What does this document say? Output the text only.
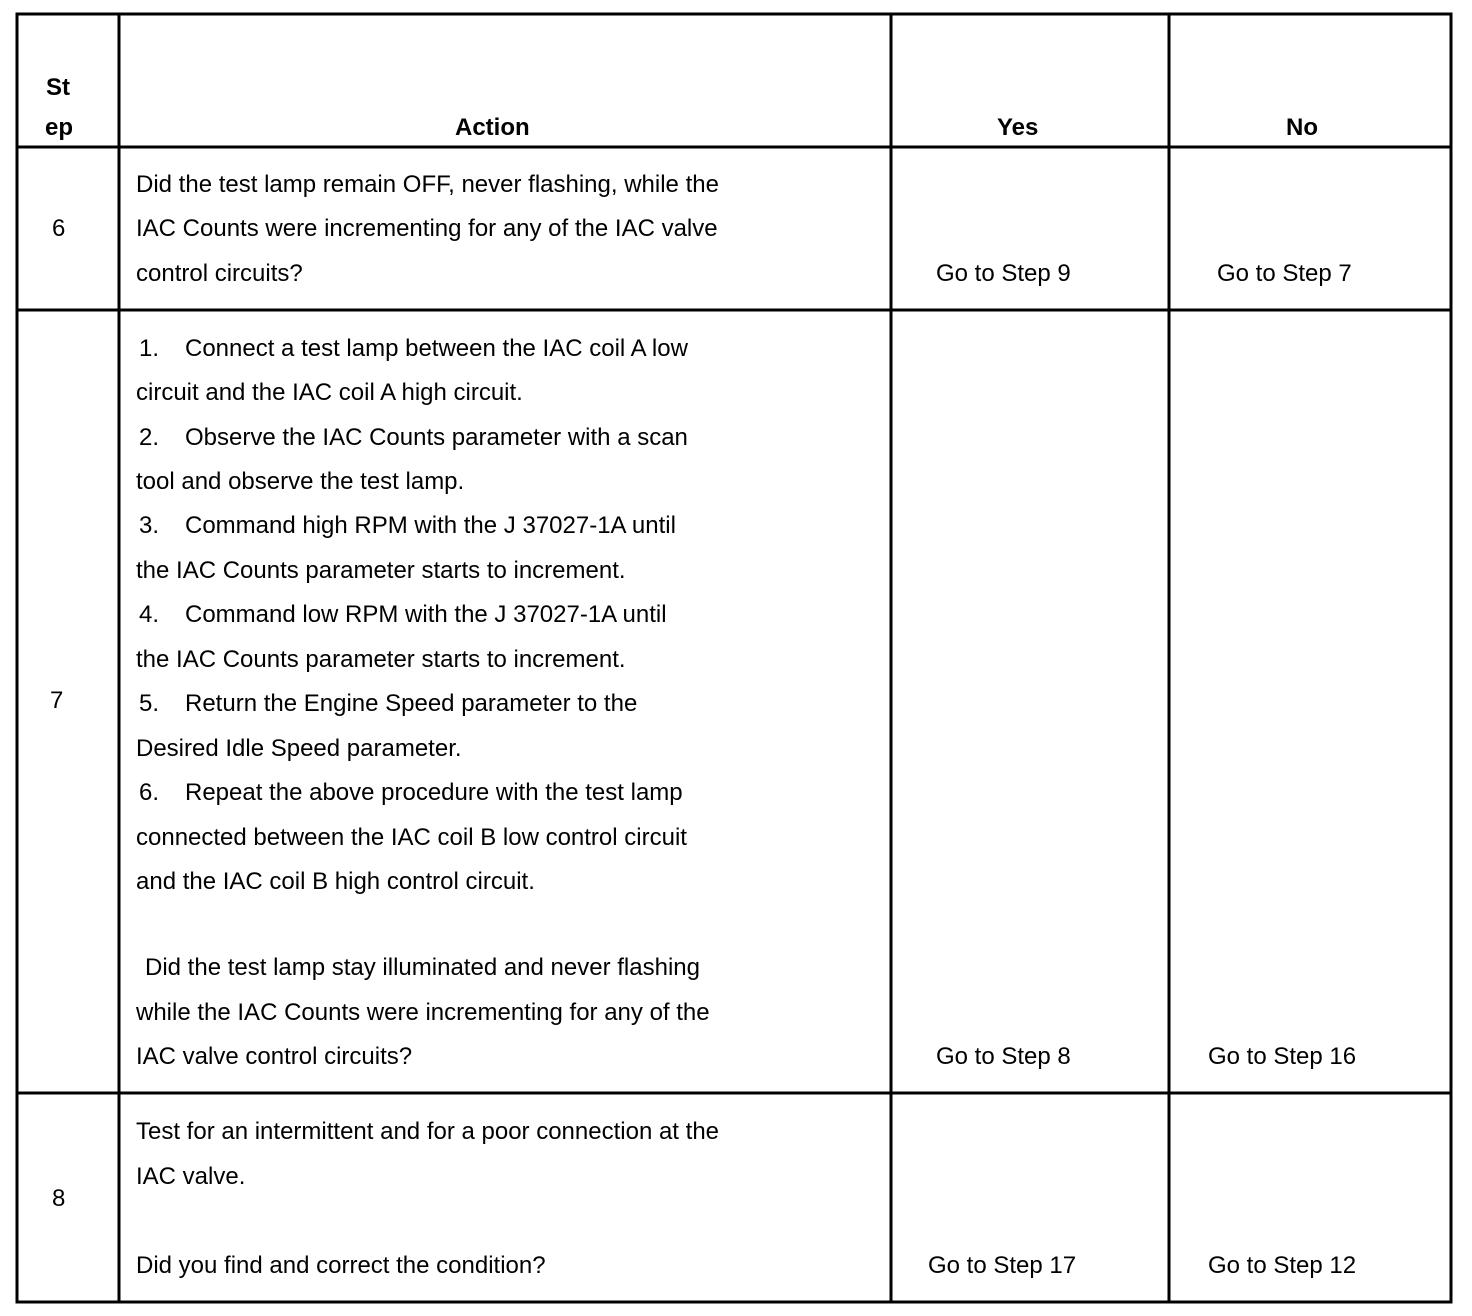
St
ep	Action	Yes	No
6
Did the test lamp remain OFF, never flashing, while the
IAC Counts were incrementing for any of the IAC valve
control circuits?	Go to Step 9	Go to Step 7
7
1. Connect a test lamp between the IAC coil A low
circuit and the IAC coil A high circuit.
2. Observe the IAC Counts parameter with a scan
tool and observe the test lamp.
3. Command high RPM with the J 37027-1A until
the IAC Counts parameter starts to increment.
4. Command low RPM with the J 37027-1A until
the IAC Counts parameter starts to increment.
5. Return the Engine Speed parameter to the
Desired Idle Speed parameter.
6. Repeat the above procedure with the test lamp
connected between the IAC coil B low control circuit
and the IAC coil B high control circuit.
Did the test lamp stay illuminated and never flashing
while the IAC Counts were incrementing for any of the
IAC valve control circuits?	Go to Step 8	Go to Step 16
8
Test for an intermittent and for a poor connection at the
IAC valve.
Did you find and correct the condition?	Go to Step 17	Go to Step 12
